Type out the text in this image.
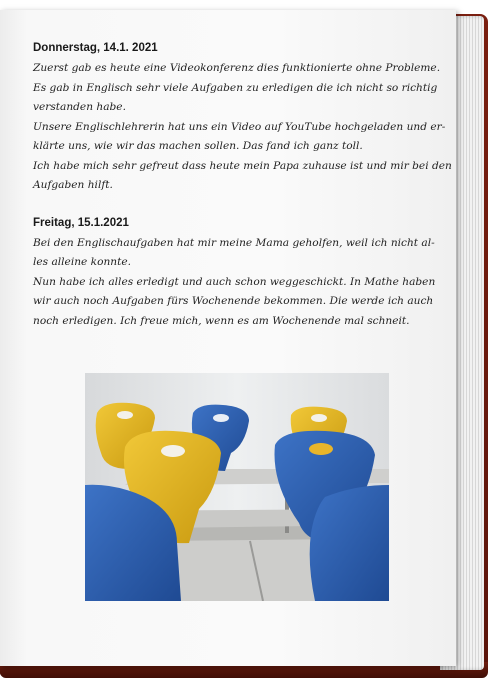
Donnerstag, 14.1. 2021

Zuerst gab es heute eine Videokonferenz dies funktionierte ohne Probleme.

Es gab in Englisch sehr viele Aufgaben zu erledigen die ich nicht so richtig

verstanden habe.

Unsere Englischlehrerin hat uns ein Video auf YouTube hochgeladen und er-

klärte uns, wie wir das machen sollen. Das fand ich ganz toll.

Ich habe mich sehr gefreut dass heute mein Papa zuhause ist und mir bei den

Aufgaben hilft.

Freitag, 15.1.2021

Bei den Englischaufgaben hat mir meine Mama geholfen, weil ich nicht al-

les alleine konnte.

Nun habe ich alles erledigt und auch schon weggeschickt. In Mathe haben

wir auch noch Aufgaben fürs Wochenende bekommen. Die werde ich auch

noch erledigen. Ich freue mich, wenn es am Wochenende mal schneit.
